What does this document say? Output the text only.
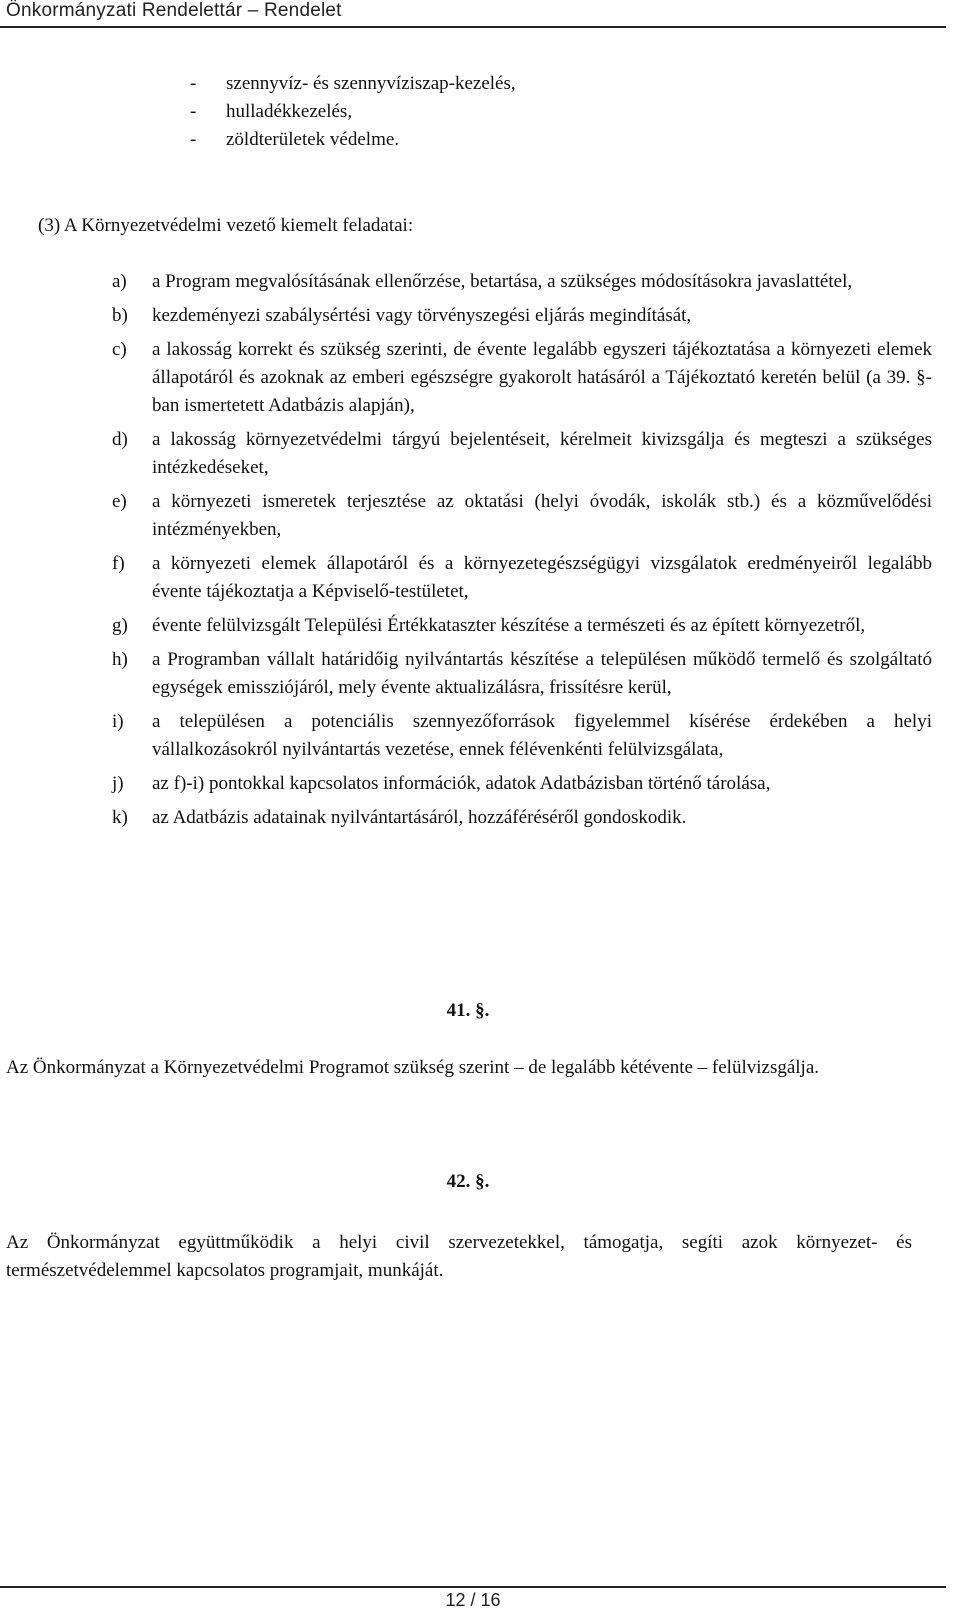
Önkormányzati Rendelettár – Rendelet
- szennyvíz- és szennyvíziszap-kezelés,
- hulladékkezelés,
- zöldterületek védelme.
(3) A Környezetvédelmi vezető kiemelt feladatai:
a) a Program megvalósításának ellenőrzése, betartása, a szükséges módosításokra javaslattétel,
b) kezdeményezi szabálysértési vagy törvényszegési eljárás megindítását,
c) a lakosság korrekt és szükség szerinti, de évente legalább egyszeri tájékoztatása a környezeti elemek állapotáról és azoknak az emberi egészségre gyakorolt hatásáról a Tájékoztató keretén belül (a 39. §-ban ismertetett Adatbázis alapján),
d) a lakosság környezetvédelmi tárgyú bejelentéseit, kérelmeit kivizsgálja és megteszi a szükséges intézkedéseket,
e) a környezeti ismeretek terjesztése az oktatási (helyi óvodák, iskolák stb.) és a közművelődési intézményekben,
f) a környezeti elemek állapotáról és a környezetegészségügyi vizsgálatok eredményeiről legalább évente tájékoztatja a Képviselő-testületet,
g) évente felülvizsgált Települési Értékkataszter készítése a természeti és az épített környezetről,
h) a Programban vállalt határidőig nyilvántartás készítése a településen működő termelő és szolgáltató egységek emissziójáról, mely évente aktualizálásra, frissítésre kerül,
i) a településen a potenciális szennyezőforrások figyelemmel kísérése érdekében a helyi vállalkozásokról nyilvántartás vezetése, ennek félévenkénti felülvizsgálata,
j) az f)-i) pontokkal kapcsolatos információk, adatok Adatbázisban történő tárolása,
k) az Adatbázis adatainak nyilvántartásáról, hozzáféréséről gondoskodik.
41. §.
Az Önkormányzat a Környezetvédelmi Programot szükség szerint – de legalább kétévente – felülvizsgálja.
42. §.
Az Önkormányzat együttműködik a helyi civil szervezetekkel, támogatja, segíti azok környezet- és természetvédelemmel kapcsolatos programjait, munkáját.
12 / 16
